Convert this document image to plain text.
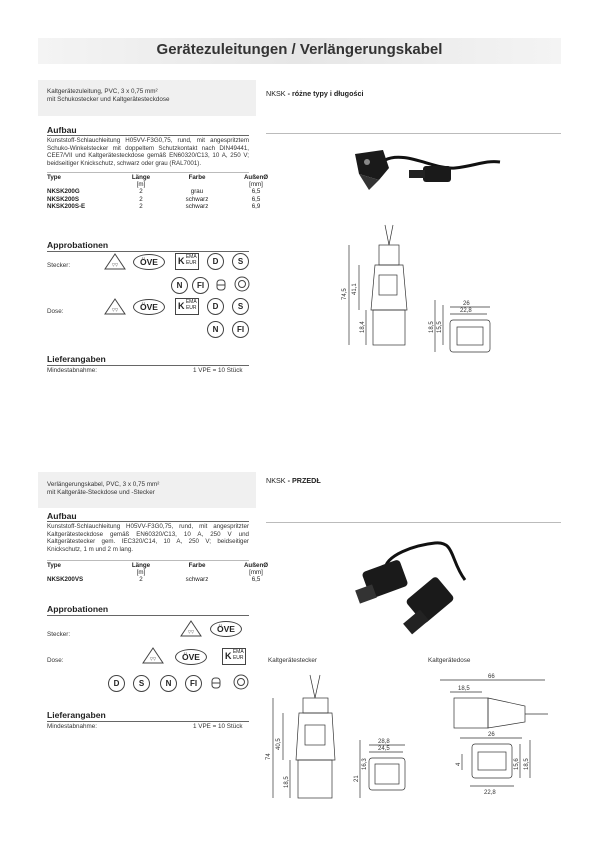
Gerätezuleitungen / Verlängerungskabel
Kaltgerätezuleitung, PVC, 3 x 0,75 mm²
mit Schukostecker und Kaltgerätesteckdose
Aufbau
Kunststoff-Schlauchleitung H05VV-F3G0,75, rund, mit angespritztem Schuko-Winkelstecker mit doppeltem Schutzkontakt nach DIN49441, CEE7/VII und Kaltgerätesteckdose gemäß EN60320/C13, 10 A, 250 V; beidseitiger Knickschutz, schwarz oder grau (RAL7001).
Type	Länge	Farbe	AußenØ
	[m]		[mm]
NKSK200G	2	grau	6,5
NKSK200S	2	schwarz	6,5
NKSK200S-E	2	schwarz	6,9
Approbationen
Stecker:	▽▽	ÖVE	K EMA
EUR	D	S
N	FI
Dose:	▽▽	ÖVE	K EMA
EUR	D	S
N	FI
Lieferangaben
Mindestabnahme:	1 VPE = 10 Stück
NKSK - różne typy i długości
74,5 41,1
18,4	18,5 15,5
26
22,8
Verlängerungskabel, PVC, 3 x 0,75 mm²
mit Kaltgeräte-Steckdose und -Stecker
Aufbau
Kunststoff-Schlauchleitung H05VV-F3G0,75, rund, mit angespritzter Kaltgerätesteckdose gemäß EN60320/C13, 10 A, 250 V und Kaltgerätestecker gem. IEC320/C14, 10 A, 250 V; beidseitiger Knickschutz, 1 m und 2 m lang.
Type	Länge	Farbe	AußenØ
	[m]		[mm]
NKSK200VS	2	schwarz	6,5
Approbationen
Stecker:	▽▽	ÖVE
Dose:	▽▽	ÖVE	K EMA
EUR
D	S	N	FI
Lieferangaben
Mindestabnahme:	1 VPE = 10 Stück
NKSK - PRZEDŁ
Kaltgerätestecker	Kaltgerätedose
74
40,5
18,5	21
16,3
28,8
24,5
66
18,5
26
4	15,6 18,5
22,8
